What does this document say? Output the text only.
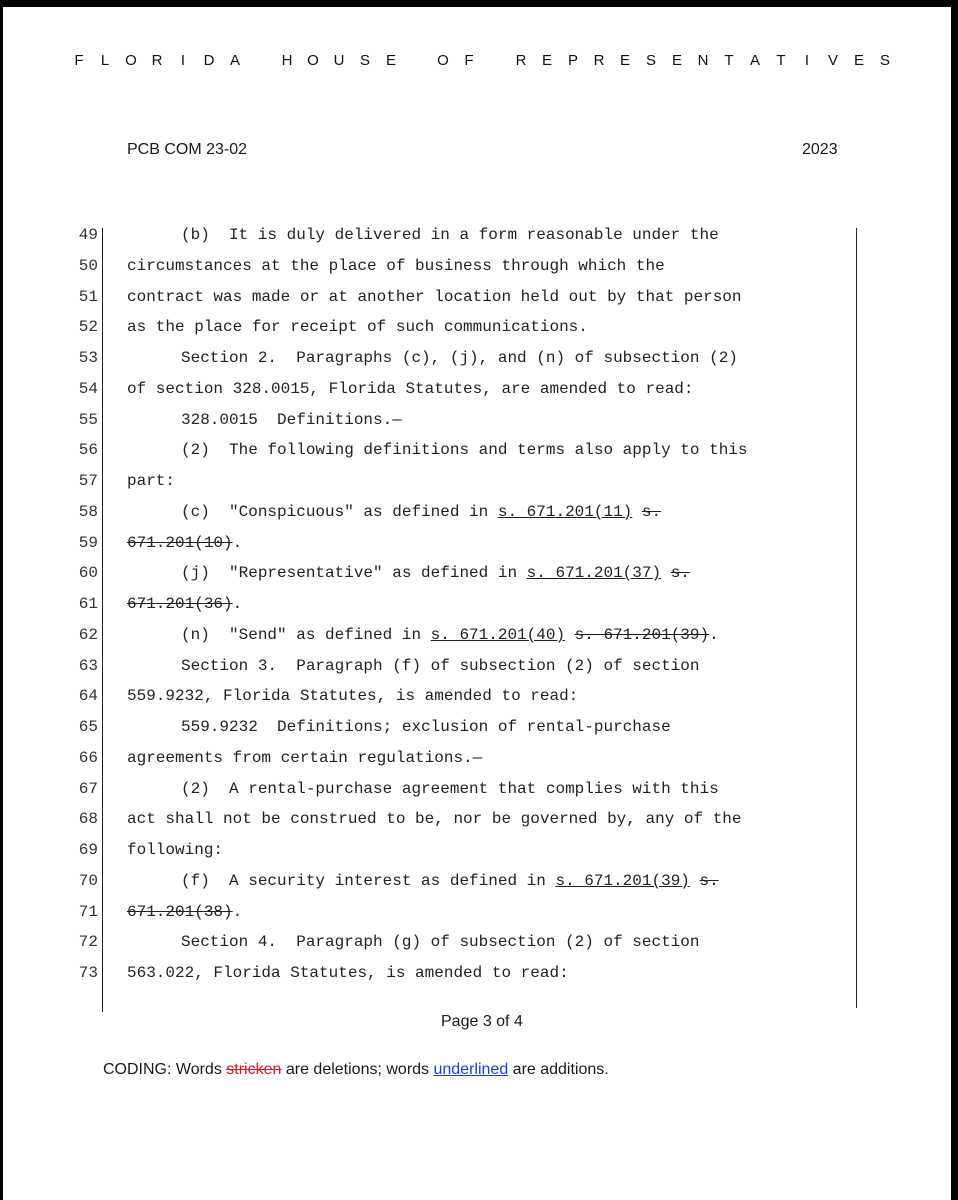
F L O R	I	D A	H O U S E	O F	R E P R E S E N T A T	I	V E S
PCB COM 23-02	2023
49	(b)  It is duly delivered in a form reasonable under the
50 circumstances at the place of business through which the
51 contract was made or at another location held out by that person
52 as the place for receipt of such communications.
53	Section 2.  Paragraphs (c), (j), and (n) of subsection (2)
54 of section 328.0015, Florida Statutes, are amended to read:
55	328.0015  Definitions.—
56	(2)  The following definitions and terms also apply to this
57 part:
58	(c)  "Conspicuous" as defined in s. 671.201(11) s.
59 671.201(10).
60	(j)  "Representative" as defined in s. 671.201(37) s.
61 671.201(36).
62	(n)  "Send" as defined in s. 671.201(40) s. 671.201(39).
63	Section 3.  Paragraph (f) of subsection (2) of section
64 559.9232, Florida Statutes, is amended to read:
65	559.9232  Definitions; exclusion of rental-purchase
66 agreements from certain regulations.—
67	(2)  A rental-purchase agreement that complies with this
68 act shall not be construed to be, nor be governed by, any of the
69 following:
70	(f)  A security interest as defined in s. 671.201(39) s.
71 671.201(38).
72	Section 4.  Paragraph (g) of subsection (2) of section
73 563.022, Florida Statutes, is amended to read:
Page 3 of 4
CODING: Words stricken are deletions; words underlined are additions.
